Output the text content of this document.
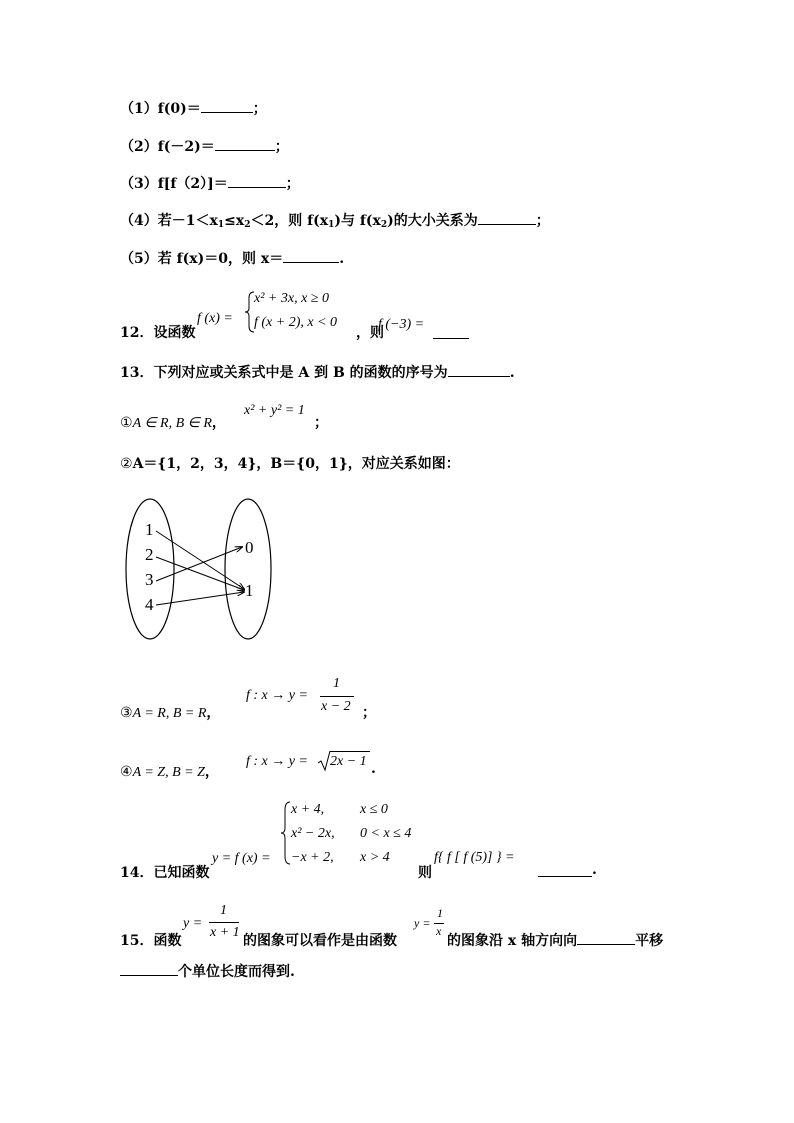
（1）f(0)＝	；
（2）f(－2)＝	；
（3）f[f（2）]＝	；
（4）若$-1<x_1\le x_2<2$，则 $f(x_1)$与 $f(x_2)$的大小关系为	；
（5）若 f(x)＝0，则 x＝	.
12．设函数
f (x) =
x² + 3x, x ≥ 0
f (x + 2), x < 0
，则
f (−3) =
13．下列对应或关系式中是 A 到 B 的函数的序号为	.
①A ∈ R, B ∈ R，
x² + y² = 1
；
②A＝{1，2，3，4}，B＝{0，1}，对应关系如图：
1
2
3
4
0
1
③A = R, B = R，
f : x → y =
1
x − 2 ；
④A = Z, B = Z，
f : x → y = 2x − 1 .
14．已知函数
y = f (x) =
x + 4,	x ≤ 0
x² − 2x, 0 < x ≤ 4
−x + 2, x > 4
则
f{ f [ f (5)] } =
.
15．函数
y =
1
x + 1
的图象可以看作是由函数
y =
1
x
的图象沿 x 轴方向向	平移
个单位长度而得到.
